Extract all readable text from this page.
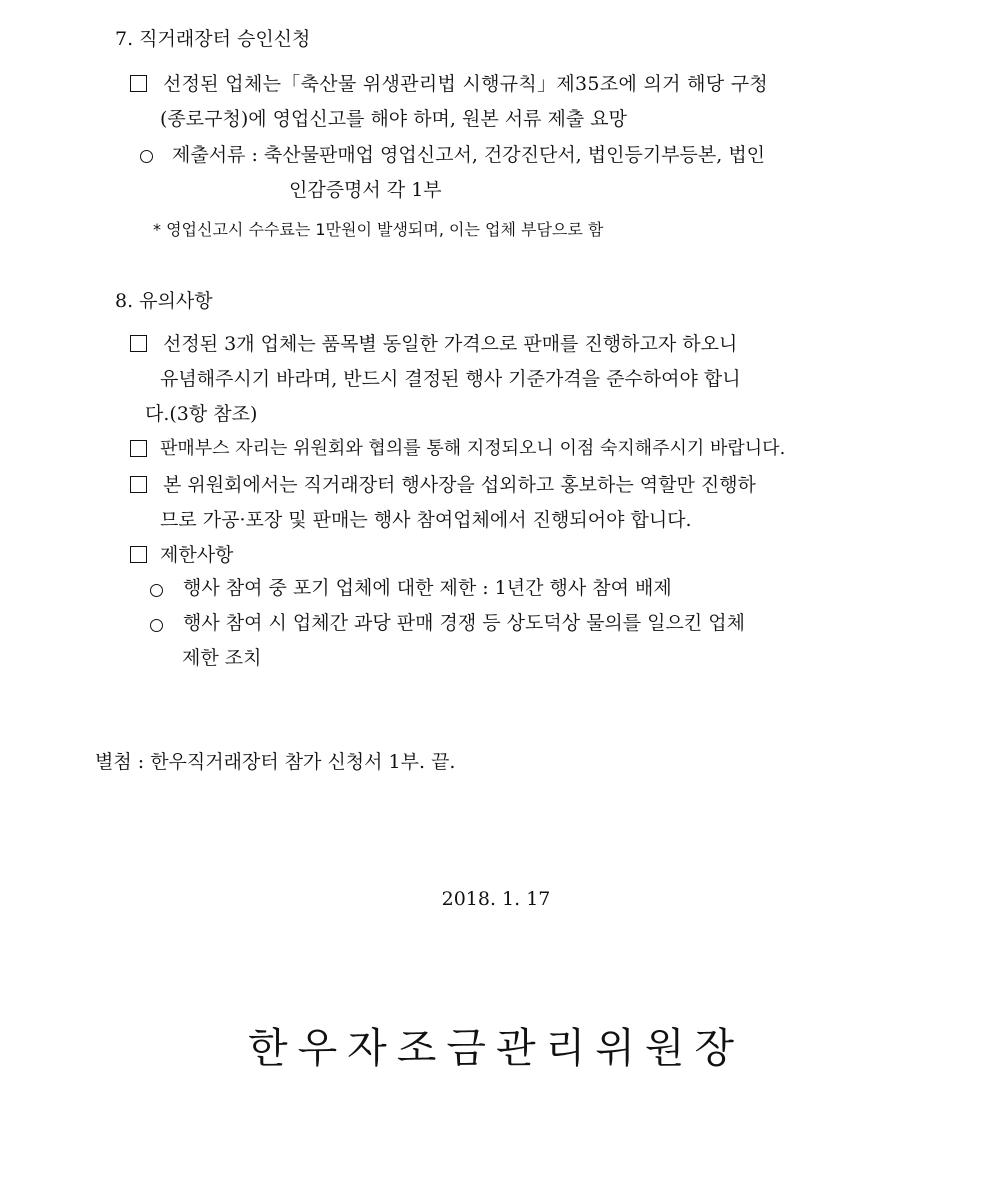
7. 직거래장터 승인신청
선정된 업체는「축산물 위생관리법 시행규칙」제35조에 의거 해당 구청
(종로구청)에 영업신고를 해야 하며, 원본 서류 제출 요망
제출서류 : 축산물판매업 영업신고서, 건강진단서, 법인등기부등본, 법인
인감증명서 각 1부
* 영업신고시 수수료는 1만원이 발생되며, 이는 업체 부담으로 함
8. 유의사항
선정된 3개 업체는 품목별 동일한 가격으로 판매를 진행하고자 하오니
유념해주시기 바라며, 반드시 결정된 행사 기준가격을 준수하여야 합니
다.(3항 참조)
판매부스 자리는 위원회와 협의를 통해 지정되오니 이점 숙지해주시기 바랍니다.
본 위원회에서는 직거래장터 행사장을 섭외하고 홍보하는 역할만 진행하
므로 가공·포장 및 판매는 행사 참여업체에서 진행되어야 합니다.
제한사항
행사 참여 중 포기 업체에 대한 제한 : 1년간 행사 참여 배제
행사 참여 시 업체간 과당 판매 경쟁 등 상도덕상 물의를 일으킨 업체
제한 조치
별첨 : 한우직거래장터 참가 신청서 1부. 끝.
2018. 1. 17
한우자조금관리위원장
